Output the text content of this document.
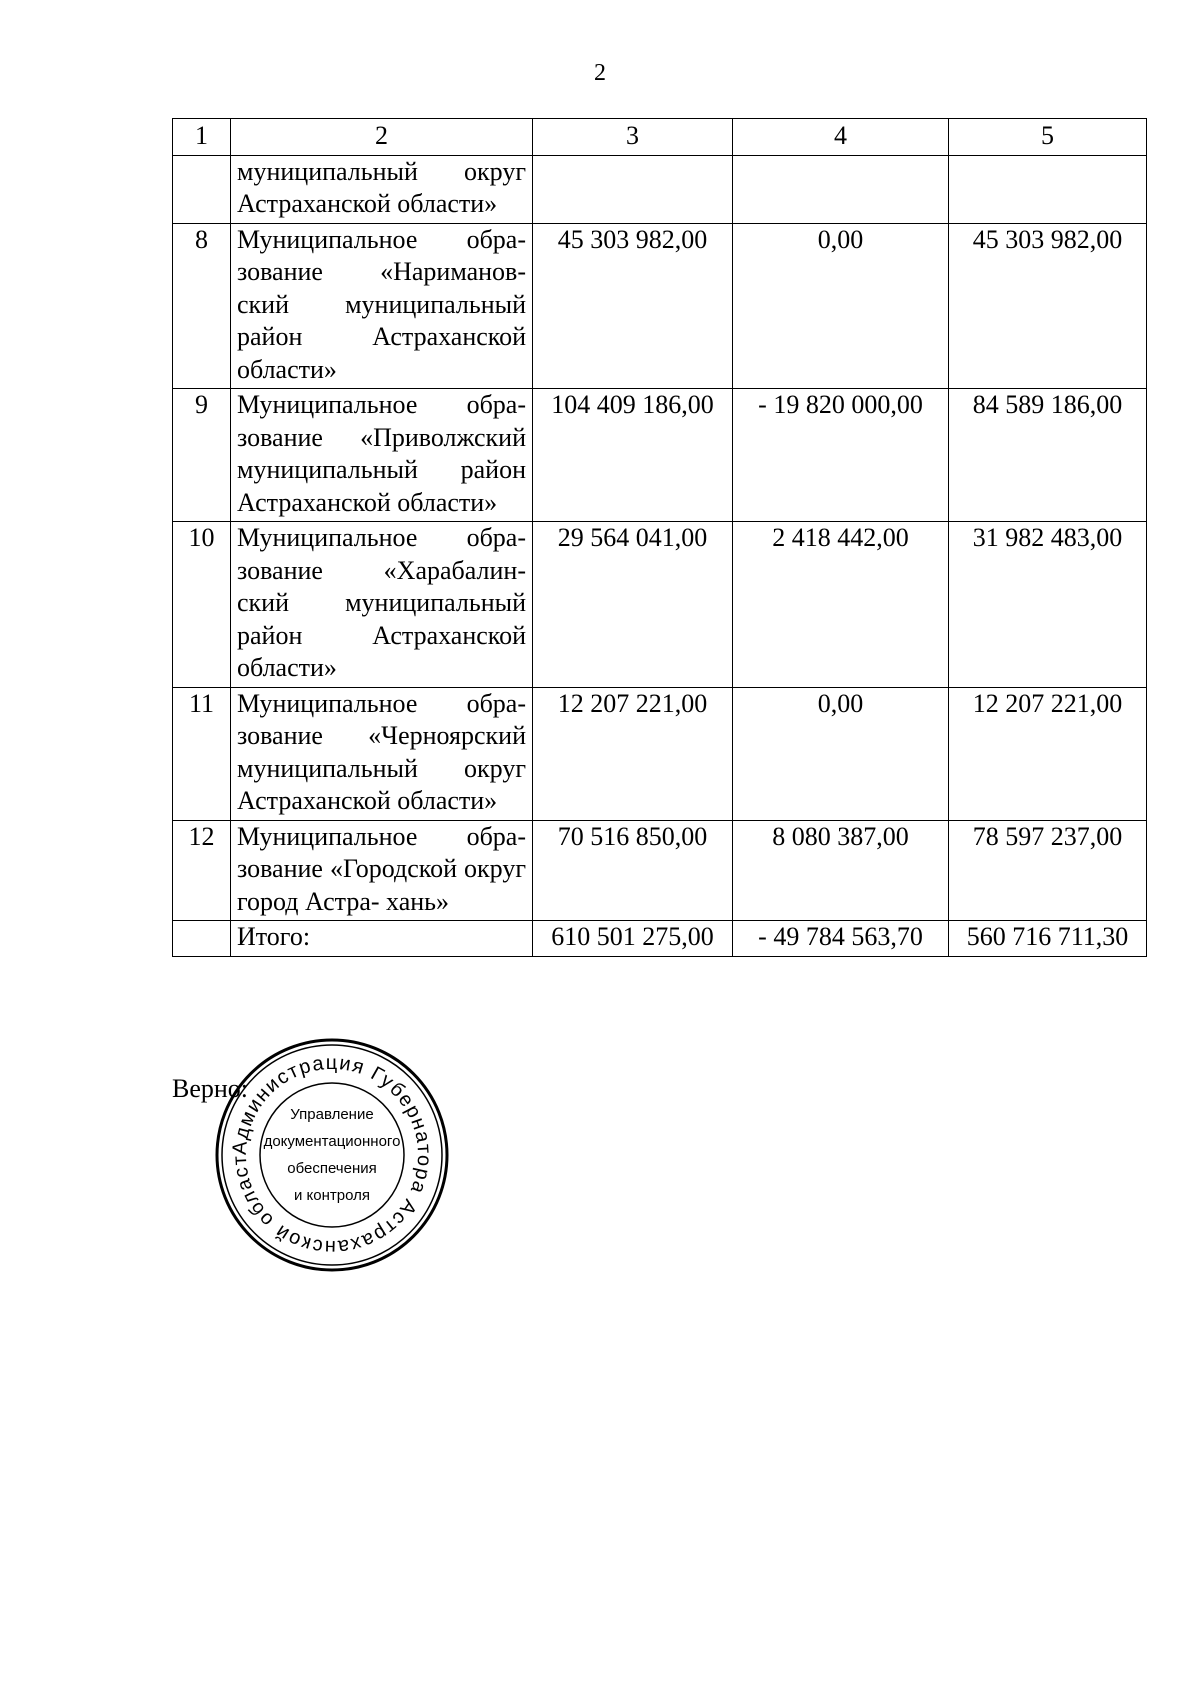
2
1	2	3	4	5
	муниципальный округ Астраханской области»			
8	Муниципальное обра- зование «Нариманов- ский муниципальный район Астраханской области»	45 303 982,00	0,00	45 303 982,00
9	Муниципальное обра- зование «Приволжский муниципальный район Астраханской области»	104 409 186,00	- 19 820 000,00	84 589 186,00
10	Муниципальное обра- зование «Харабалин- ский муниципальный район Астраханской области»	29 564 041,00	2 418 442,00	31 982 483,00
11	Муниципальное обра- зование «Черноярский муниципальный округ Астраханской области»	12 207 221,00	0,00	12 207 221,00
12	Муниципальное обра- зование «Городской округ город Астра- хань»	70 516 850,00	8 080 387,00	78 597 237,00
	Итого:	610 501 275,00	- 49 784 563,70	560 716 711,30
Верно:
Администрация Губернатора Астраханской област
Управление
документационного
обеспечения
и контроля
